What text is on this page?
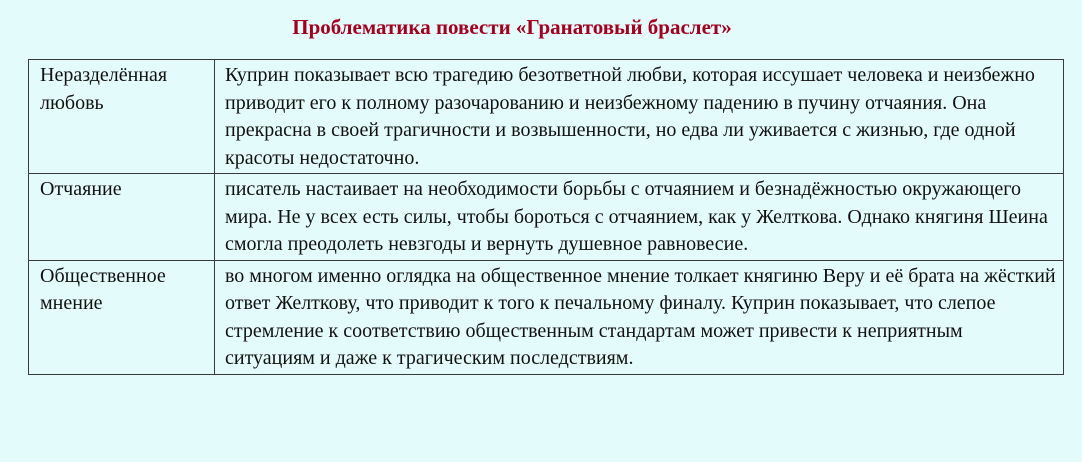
Проблематика повести «Гранатовый браслет»
Неразделённая любовь	Куприн показывает всю трагедию безответной любви, которая иссушает человека и неизбежно приводит его к полному разочарованию и неизбежному падению в пучину отчаяния. Она прекрасна в своей трагичности и возвышенности, но едва ли уживается с жизнью, где одной красоты недостаточно.
Отчаяние	писатель настаивает на необходимости борьбы с отчаянием и безнадёжностью окружающего мира. Не у всех есть силы, чтобы бороться с отчаянием, как у Желткова. Однако княгиня Шеина смогла преодолеть невзгоды и вернуть душевное равновесие.
Общественное мнение	во многом именно оглядка на общественное мнение толкает княгиню Веру и её брата на жёсткий ответ Желткову, что приводит к того к печальному финалу. Куприн показывает, что слепое стремление к соответствию общественным стандартам может привести к неприятным ситуациям и даже к трагическим последствиям.
